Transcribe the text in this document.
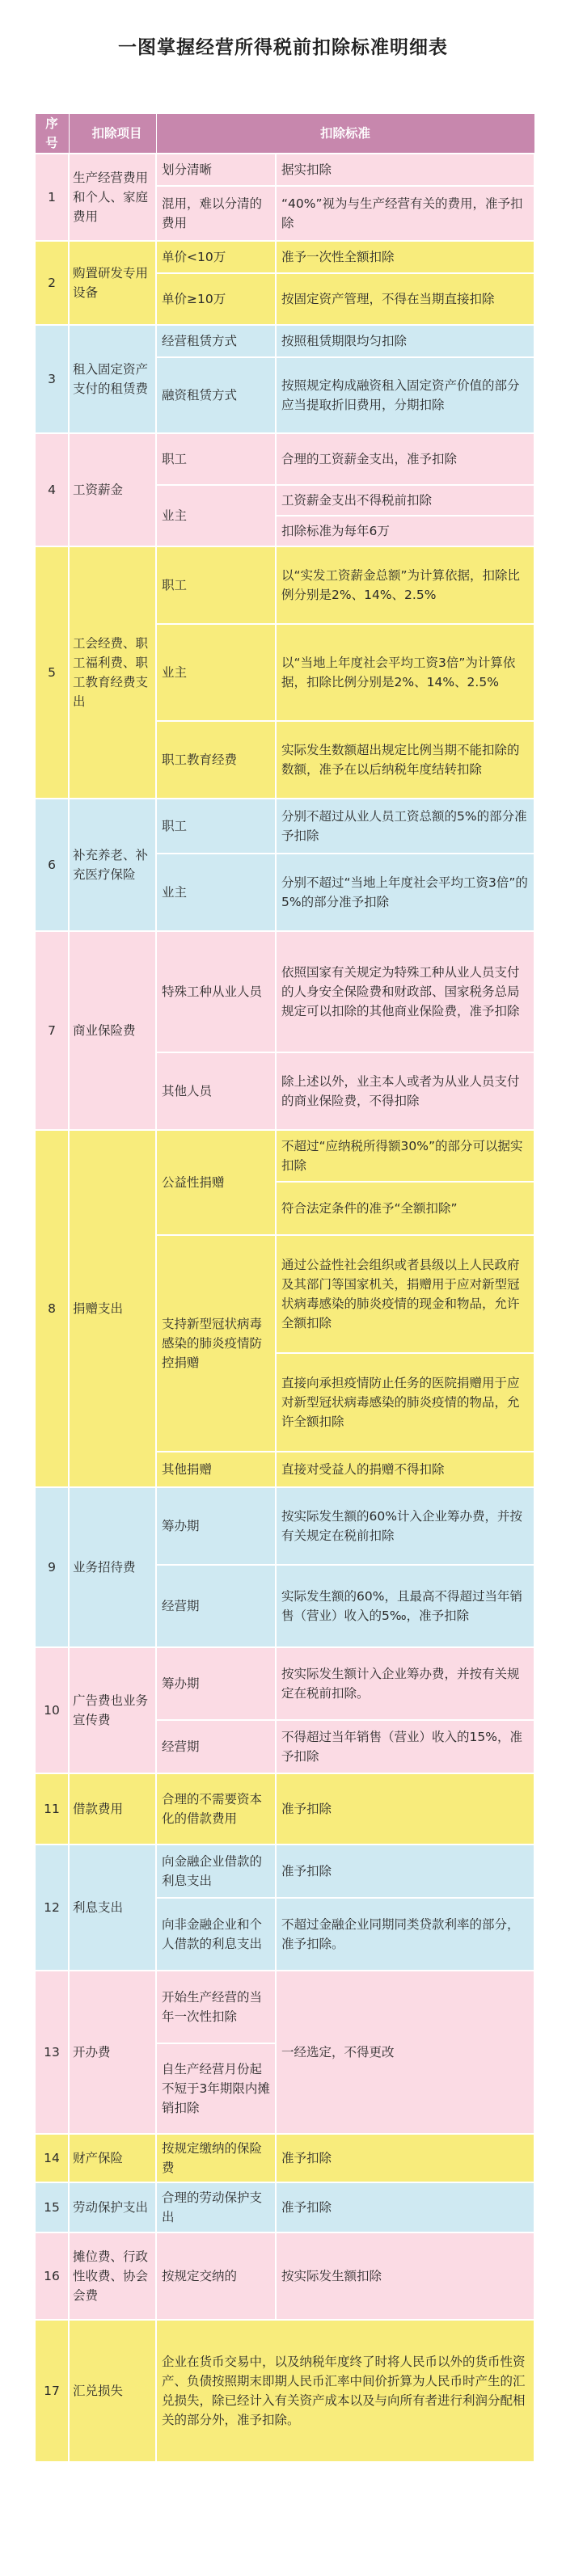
一图掌握经营所得税前扣除标准明细表
序号	扣除项目	扣除标准	
1	生产经营费用和个人、家庭费用	划分清晰	据实扣除
		混用，难以分清的费用	“40%”视为与生产经营有关的费用，准予扣除
2	购置研发专用设备	单价<10万	准予一次性全额扣除
		单价≥10万	按固定资产管理，不得在当期直接扣除
3	租入固定资产支付的租赁费	经营租赁方式	按照租赁期限均匀扣除
		融资租赁方式	按照规定构成融资租入固定资产价值的部分应当提取折旧费用，分期扣除
4	工资薪金	职工	合理的工资薪金支出，准予扣除
		业主	工资薪金支出不得税前扣除
			扣除标准为每年6万
5	工会经费、职工福利费、职工教育经费支出	职工	以“实发工资薪金总额”为计算依据，扣除比例分别是2%、14%、2.5%
		业主	以“当地上年度社会平均工资3倍”为计算依据，扣除比例分别是2%、14%、2.5%
		职工教育经费	实际发生数额超出规定比例当期不能扣除的数额，准予在以后纳税年度结转扣除
6	补充养老、补充医疗保险	职工	分别不超过从业人员工资总额的5%的部分准予扣除
		业主	分别不超过“当地上年度社会平均工资3倍”的5%的部分准予扣除
7	商业保险费	特殊工种从业人员	依照国家有关规定为特殊工种从业人员支付的人身安全保险费和财政部、国家税务总局规定可以扣除的其他商业保险费，准予扣除
		其他人员	除上述以外，业主本人或者为从业人员支付的商业保险费，不得扣除
8	捐赠支出	公益性捐赠	不超过“应纳税所得额30%”的部分可以据实扣除
			符合法定条件的准予“全额扣除”
		支持新型冠状病毒感染的肺炎疫情防控捐赠	通过公益性社会组织或者县级以上人民政府及其部门等国家机关，捐赠用于应对新型冠状病毒感染的肺炎疫情的现金和物品，允许全额扣除
			直接向承担疫情防止任务的医院捐赠用于应对新型冠状病毒感染的肺炎疫情的物品，允许全额扣除
		其他捐赠	直接对受益人的捐赠不得扣除
9	业务招待费	筹办期	按实际发生额的60%计入企业筹办费，并按有关规定在税前扣除
		经营期	实际发生额的60%，且最高不得超过当年销售（营业）收入的5‰，准予扣除
10	广告费也业务宣传费	筹办期	按实际发生额计入企业筹办费，并按有关规定在税前扣除。
		经营期	不得超过当年销售（营业）收入的15%，准予扣除
11	借款费用	合理的不需要资本化的借款费用	准予扣除
12	利息支出	向金融企业借款的利息支出	准予扣除
		向非金融企业和个人借款的利息支出	不超过金融企业同期同类贷款利率的部分，准予扣除。
13	开办费	开始生产经营的当年一次性扣除	一经选定，不得更改
		自生产经营月份起不短于3年期限内摊销扣除	
14	财产保险	按规定缴纳的保险费	准予扣除
15	劳动保护支出	合理的劳动保护支出	准予扣除
16	摊位费、行政性收费、协会会费	按规定交纳的	按实际发生额扣除
17	汇兑损失	企业在货币交易中，以及纳税年度终了时将人民币以外的货币性资产、负债按照期末即期人民币汇率中间价折算为人民币时产生的汇兑损失，除已经计入有关资产成本以及与向所有者进行利润分配相关的部分外，准予扣除。	
